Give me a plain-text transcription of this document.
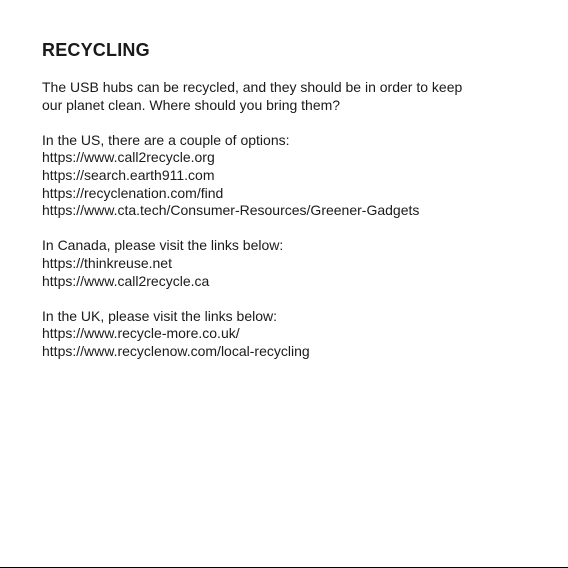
RECYCLING
The USB hubs can be recycled, and they should be in order to keep
our planet clean. Where should you bring them?
In the US, there are a couple of options:
https://www.call2recycle.org
https://search.earth911.com
https://recyclenation.com/find
https://www.cta.tech/Consumer-Resources/Greener-Gadgets
In Canada, please visit the links below:
https://thinkreuse.net
https://www.call2recycle.ca
In the UK, please visit the links below:
https://www.recycle-more.co.uk/
https://www.recyclenow.com/local-recycling
